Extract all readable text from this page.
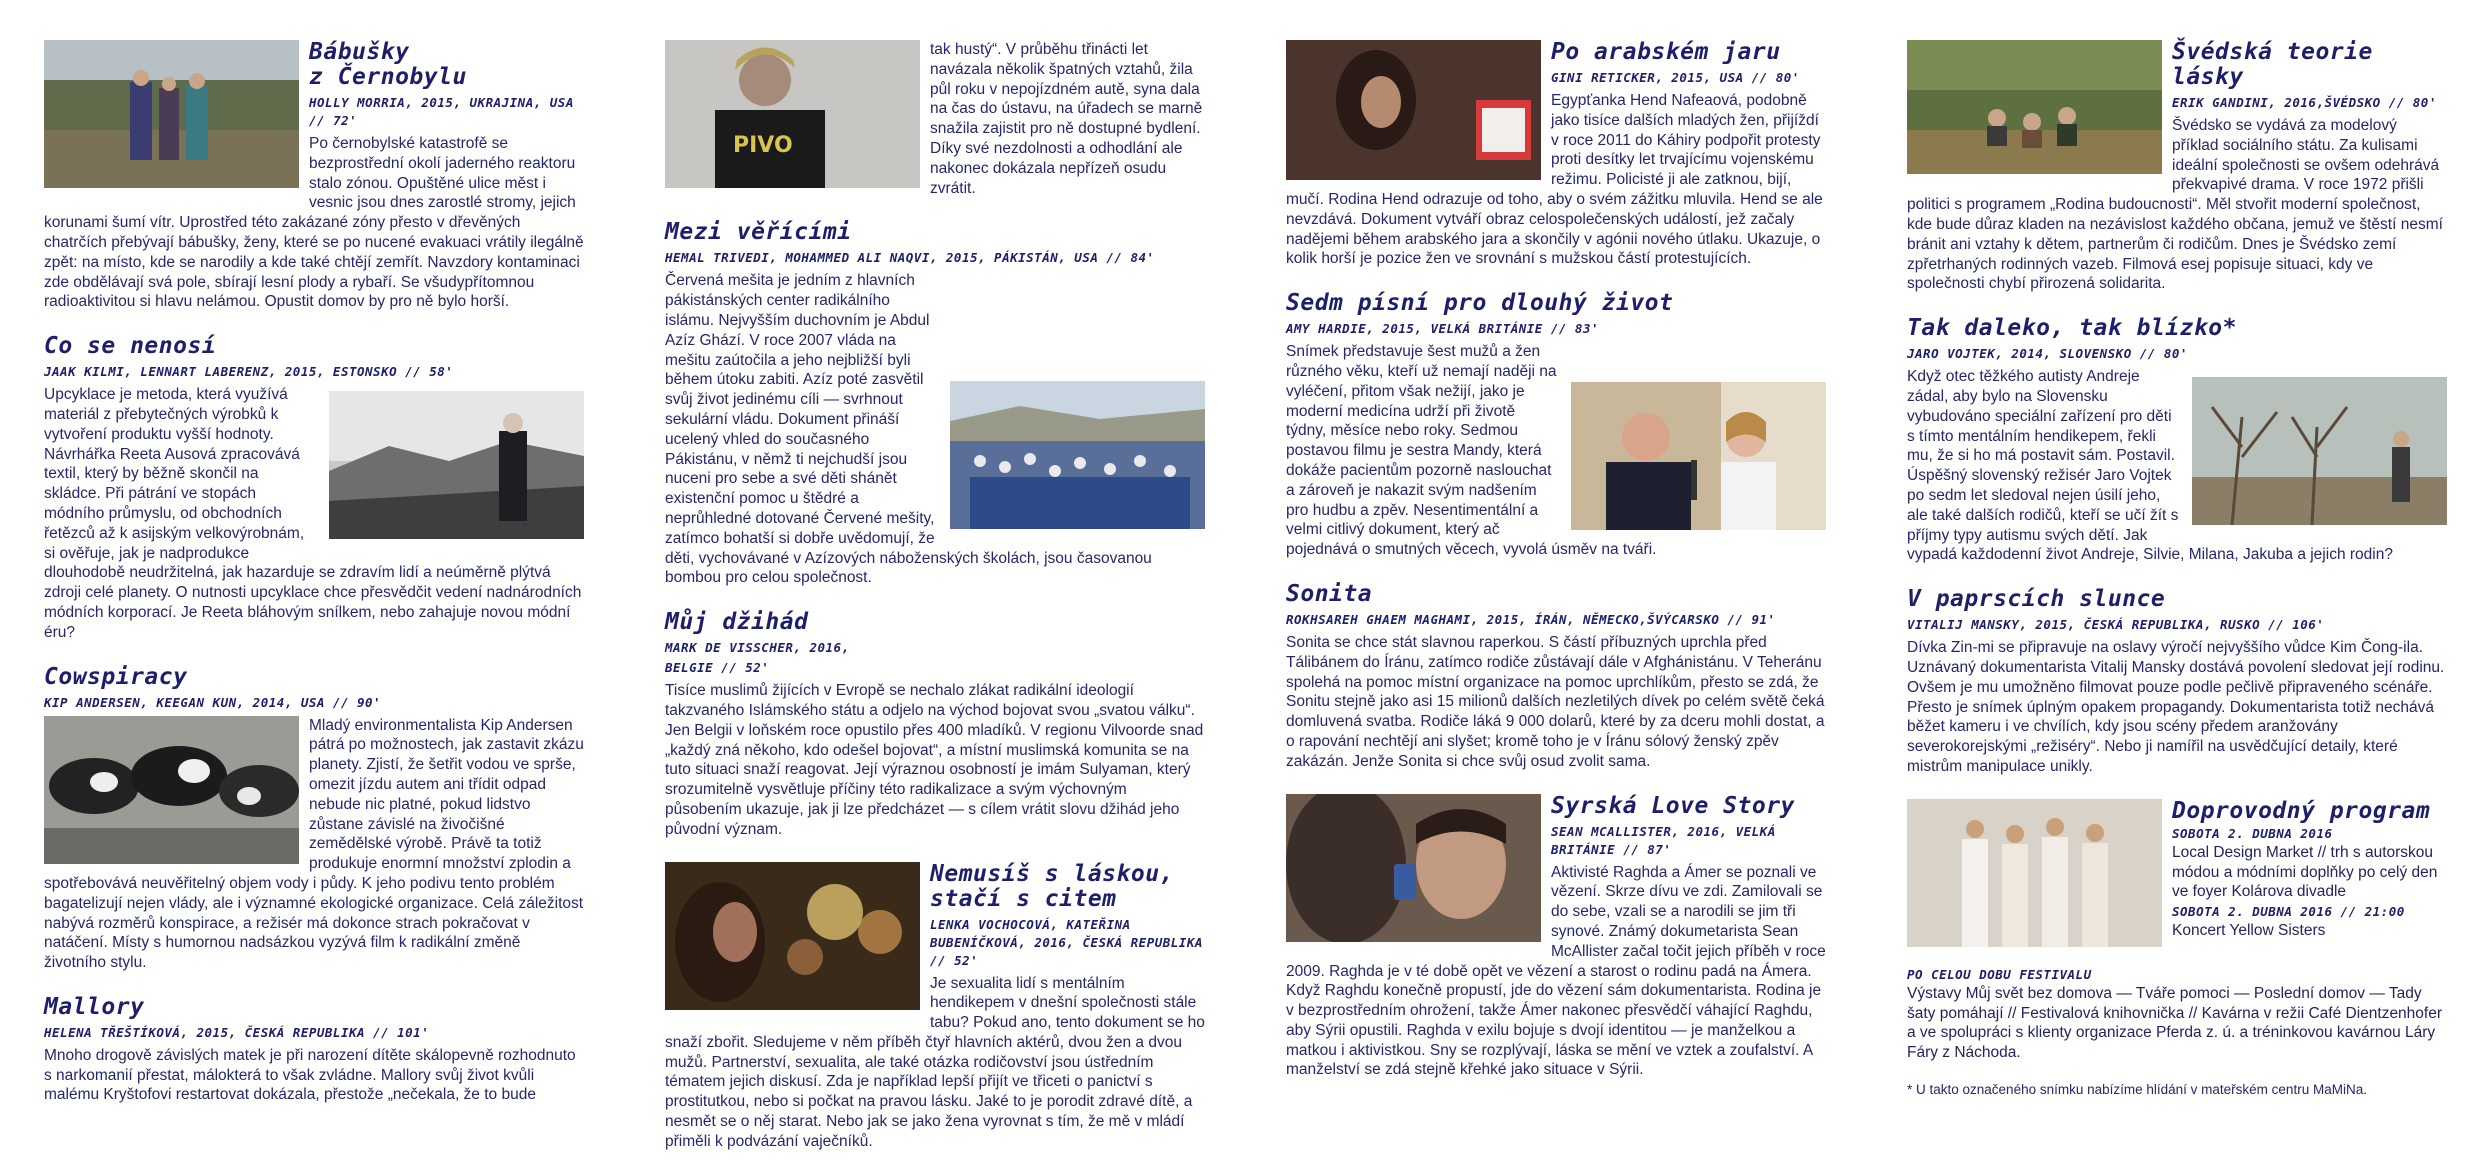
Bábušky
z Černobylu
HOLLY MORRIA, 2015, UKRAJINA, USA // 72'
Po černobylské katastrofě se bezprostřední okolí jaderného reaktoru stalo zónou. Opuštěné ulice měst i vesnic jsou dnes zarostlé stromy, jejich korunami šumí vítr. Uprostřed této zakázané zóny přesto v dřevěných chatrčích přebývají bábušky, ženy, které se po nucené evakuaci vrátily ilegálně zpět: na místo, kde se narodily a kde také chtějí zemřít. Navzdory kontaminaci zde obdělávají svá pole, sbírají lesní plody a rybaří. Se všudypřítomnou radioaktivitou si hlavu nelámou. Opustit domov by pro ně bylo horší.
Co se nenosí
JAAK KILMI, LENNART LABERENZ, 2015, ESTONSKO // 58'
Upcyklace je metoda, která využívá materiál z přebytečných výrobků k vytvoření produktu vyšší hodnoty. Návrhářka Reeta Ausová zpracovává textil, který by běžně skončil na skládce. Při pátrání ve stopách módního průmyslu, od obchodních řetězců až k asijským velkovýrobnám, si ověřuje, jak je nadprodukce dlouhodobě neudržitelná, jak hazarduje se zdravím lidí a neúměrně plýtvá zdroji celé planety. O nutnosti upcyklace chce přesvědčit vedení nadnárodních módních korporací. Je Reeta bláhovým snílkem, nebo zahajuje novou módní éru?
Cowspiracy
KIP ANDERSEN, KEEGAN KUN, 2014, USA // 90'
Mladý environmentalista Kip Andersen pátrá po možnostech, jak zastavit zkázu planety. Zjistí, že šetřit vodou ve sprše, omezit jízdu autem ani třídit odpad nebude nic platné, pokud lidstvo zůstane závislé na živočišné zemědělské výrobě. Právě ta totiž produkuje enormní množství zplodin a spotřebovává neuvěřitelný objem vody i půdy. K jeho podivu tento problém bagatelizují nejen vlády, ale i významné ekologické organizace. Celá záležitost nabývá rozměrů konspirace, a režisér má dokonce strach pokračovat v natáčení. Místy s humornou nadsázkou vyzývá film k radikální změně životního stylu.
Mallory
HELENA TŘEŠTÍKOVÁ, 2015, ČESKÁ REPUBLIKA // 101'
Mnoho drogově závislých matek je při narození dítěte skálopevně rozhodnuto s narkomanií přestat, málokterá to však zvládne. Mallory svůj život kvůli malému Kryštofovi restartovat dokázala, přestože „nečekala, že to bude
PIVO
tak hustý“. V průběhu třinácti let navázala několik špatných vztahů, žila půl roku v nepojízdném autě, syna dala na čas do ústavu, na úřadech se marně snažila zajistit pro ně dostupné bydlení. Díky své nezdolnosti a odhodlání ale nakonec dokázala nepřízeň osudu zvrátit.
Mezi věřícími
HEMAL TRIVEDI, MOHAMMED ALI NAQVI, 2015, PÁKISTÁN, USA // 84'
Červená mešita je jedním z hlavních pákistánských center radikálního islámu. Nejvyšším duchovním je Abdul Azíz Ghází. V roce 2007 vláda na mešitu zaútočila a jeho nejbližší byli během útoku zabiti. Azíz poté zasvětil svůj život jedinému cíli — svrhnout sekulární vládu. Dokument přináší ucelený vhled do současného Pákistánu, v němž ti nejchudší jsou nuceni pro sebe a své děti shánět existenční pomoc u štědré a neprůhledné dotované Červené mešity, zatímco bohatší si dobře uvědomují, že děti, vychovávané v Azízových náboženských školách, jsou časovanou bombou pro celou společnost.
Můj džihád
MARK DE VISSCHER, 2016,
BELGIE // 52'
Tisíce muslimů žijících v Evropě se nechalo zlákat radikální ideologií takzvaného Islámského státu a odjelo na východ bojovat svou „svatou válku“. Jen Belgii v loňském roce opustilo přes 400 mladíků. V regionu Vilvoorde snad „každý zná někoho, kdo odešel bojovat“, a místní muslimská komunita se na tuto situaci snaží reagovat. Její výraznou osobností je imám Sulyaman, který srozumitelně vysvětluje příčiny této radikalizace a svým výchovným působením ukazuje, jak ji lze předcházet — s cílem vrátit slovu džihád jeho původní význam.
Nemusíš s láskou,
stačí s citem
LENKA VOCHOCOVÁ, KATEŘINA BUBENÍČKOVÁ, 2016, ČESKÁ REPUBLIKA // 52'
Je sexualita lidí s mentálním hendikepem v dnešní společnosti stále tabu? Pokud ano, tento dokument se ho snaží zbořit. Sledujeme v něm příběh čtyř hlavních aktérů, dvou žen a dvou mužů. Partnerství, sexualita, ale také otázka rodičovství jsou ústředním tématem jejich diskusí. Zda je například lepší přijít ve třiceti o panictví s prostitutkou, nebo si počkat na pravou lásku. Jaké to je porodit zdravé dítě, a nesmět se o něj starat. Nebo jak se jako žena vyrovnat s tím, že mě v mládí přiměli k podvázání vaječníků.
Po arabském jaru
GINI RETICKER, 2015, USA // 80'
Egypťanka Hend Nafeaová, podobně jako tisíce dalších mladých žen, přijíždí v roce 2011 do Káhiry podpořit protesty proti desítky let trvajícímu vojenskému režimu. Policisté ji ale zatknou, bijí, mučí. Rodina Hend odrazuje od toho, aby o svém zážitku mluvila. Hend se ale nevzdává. Dokument vytváří obraz celospolečenských událostí, jež začaly nadějemi během arabského jara a skončily v agónii nového útlaku. Ukazuje, o kolik horší je pozice žen ve srovnání s mužskou částí protestujících.
Sedm písní pro dlouhý život
AMY HARDIE, 2015, VELKÁ BRITÁNIE // 83'
Snímek představuje šest mužů a žen různého věku, kteří už nemají naději na vyléčení, přitom však nežijí, jako je moderní medicína udrží při životě týdny, měsíce nebo roky. Sedmou postavou filmu je sestra Mandy, která dokáže pacientům pozorně naslouchat a zároveň je nakazit svým nadšením pro hudbu a zpěv. Nesentimentální a velmi citlivý dokument, který ač pojednává o smutných věcech, vyvolá úsměv na tváři.
Sonita
ROKHSAREH GHAEM MAGHAMI, 2015, ÍRÁN, NĚMECKO,ŠVÝCARSKO // 91'
Sonita se chce stát slavnou raperkou. S částí příbuzných uprchla před Tálibánem do Íránu, zatímco rodiče zůstávají dále v Afghánistánu. V Teheránu spolehá na pomoc místní organizace na pomoc uprchlíkům, přesto se zdá, že Sonitu stejně jako asi 15 milionů dalších nezletilých dívek po celém světě čeká domluvená svatba. Rodiče láká 9 000 dolarů, které by za dceru mohli dostat, a o rapování nechtějí ani slyšet; kromě toho je v Íránu sólový ženský zpěv zakázán. Jenže Sonita si chce svůj osud zvolit sama.
Syrská Love Story
SEAN MCALLISTER, 2016, VELKÁ BRITÁNIE // 87'
Aktivisté Raghda a Ámer se poznali ve vězení. Skrze dívu ve zdi. Zamilovali se do sebe, vzali se a narodili se jim tři synové. Známý dokumetarista Sean McAllister začal točit jejich příběh v roce 2009. Raghda je v té době opět ve vězení a starost o rodinu padá na Ámera. Když Raghdu konečně propustí, jde do vězení sám dokumentarista. Rodina je v bezprostředním ohrožení, takže Ámer nakonec přesvědčí váhající Raghdu, aby Sýrii opustili. Raghda v exilu bojuje s dvojí identitou — je manželkou a matkou i aktivistkou. Sny se rozplývají, láska se mění ve vztek a zoufalství. A manželství se zdá stejně křehké jako situace v Sýrii.
Švédská teorie
lásky
ERIK GANDINI, 2016,ŠVÉDSKO // 80'
Švédsko se vydává za modelový příklad sociálního státu. Za kulisami ideální společnosti se ovšem odehrává překvapivé drama. V roce 1972 přišli politici s programem „Rodina budoucnosti“. Měl stvořit moderní společnost, kde bude důraz kladen na nezávislost každého občana, jemuž ve štěstí nesmí bránit ani vztahy k dětem, partnerům či rodičům. Dnes je Švédsko zemí zpřetrhaných rodinných vazeb. Filmová esej popisuje situaci, kdy ve společnosti chybí přirozená solidarita.
Tak daleko, tak blízko*
JARO VOJTEK, 2014, SLOVENSKO // 80'
Když otec těžkého autisty Andreje zádal, aby bylo na Slovensku vybudováno speciální zařízení pro děti s tímto mentálním hendikepem, řekli mu, že si ho má postavit sám. Postavil. Úspěšný slovenský režisér Jaro Vojtek po sedm let sledoval nejen úsilí jeho, ale také dalších rodičů, kteří se učí žít s příjmy typy autismu svých dětí. Jak vypadá každodenní život Andreje, Silvie, Milana, Jakuba a jejich rodin?
V paprscích slunce
VITALIJ MANSKY, 2015, ČESKÁ REPUBLIKA, RUSKO // 106'
Dívka Zin-mi se připravuje na oslavy výročí nejvyššího vůdce Kim Čong-ila. Uznávaný dokumentarista Vitalij Mansky dostává povolení sledovat její rodinu. Ovšem je mu umožněno filmovat pouze podle pečlivě připraveného scénáře. Přesto je snímek úplným opakem propagandy. Dokumentarista totiž nechává běžet kameru i ve chvílích, kdy jsou scény předem aranžovány severokorejskými „režiséry“. Nebo ji namířil na usvědčující detaily, které mistrům manipulace unikly.
Doprovodný program
SOBOTA 2. DUBNA 2016
Local Design Market // trh s autorskou módou a módními doplňky po celý den ve foyer Kolárova divadle
SOBOTA 2. DUBNA 2016 // 21:00
Koncert Yellow Sisters
PO CELOU DOBU FESTIVALU
Výstavy Můj svět bez domova — Tváře pomoci — Poslední domov — Tady šaty pomáhají // Festivalová knihovnička // Kavárna v režii Café Dientzenhofer a ve spolupráci s klienty organizace Pferda z. ú. a tréninkovou kavárnou Láry Fáry z Náchoda.
* U takto označeného snímku nabízíme hlídání v mateřském centru MaMiNa.
